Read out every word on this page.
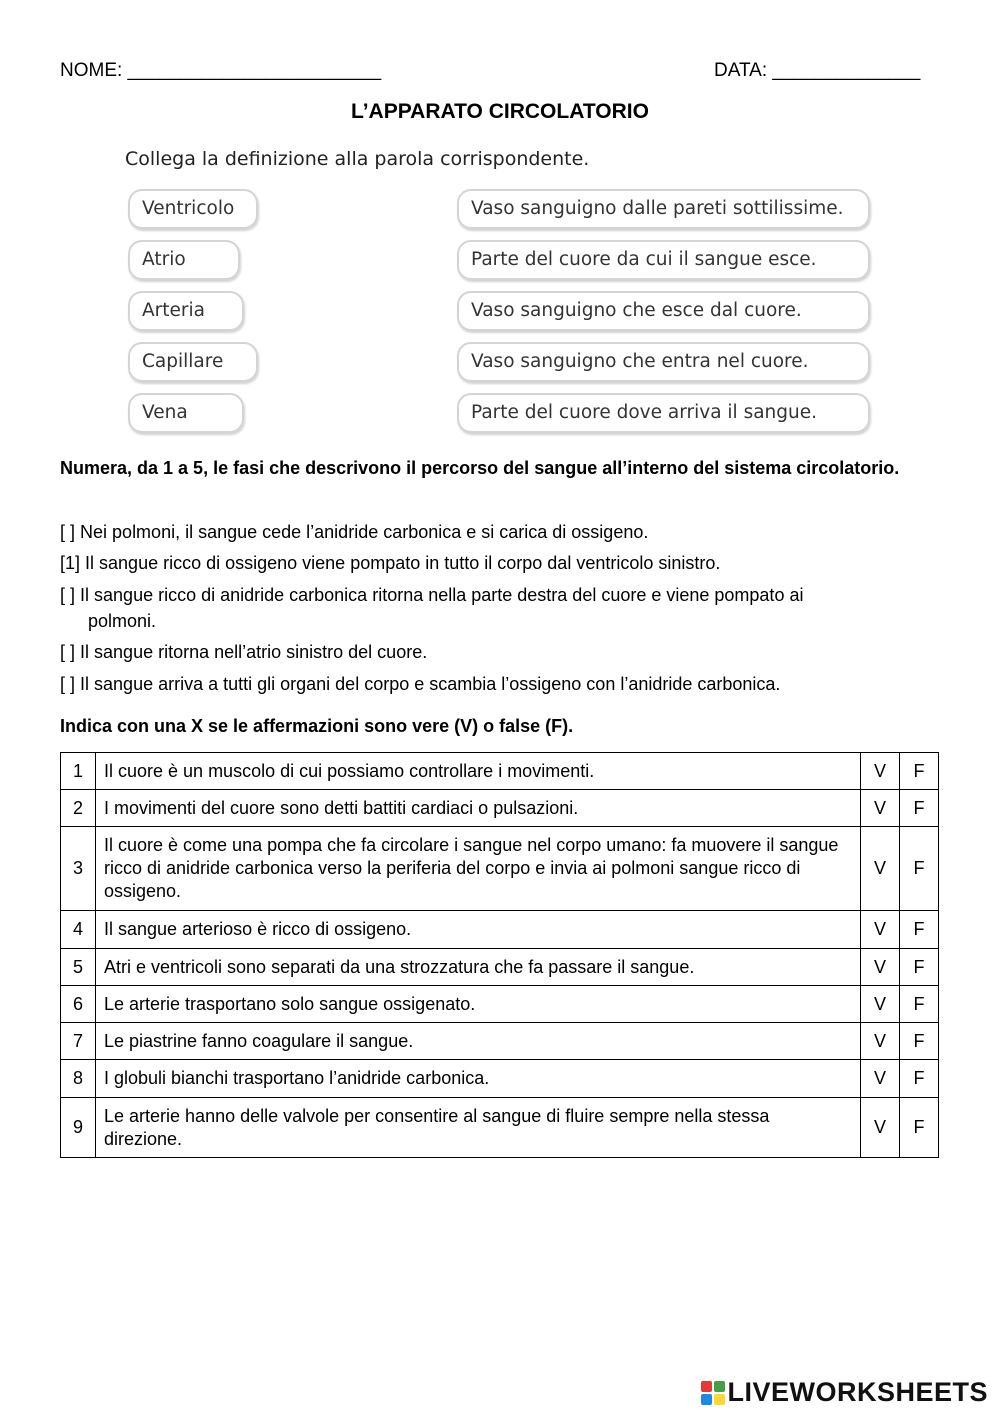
NOME: ________________________	DATA: ______________
L’APPARATO CIRCOLATORIO
Collega la definizione alla parola corrispondente.
Ventricolo
Atrio
Arteria
Capillare
Vena
Vaso sanguigno dalle pareti sottilissime.
Parte del cuore da cui il sangue esce.
Vaso sanguigno che esce dal cuore.
Vaso sanguigno che entra nel cuore.
Parte del cuore dove arriva il sangue.
Numera, da 1 a 5, le fasi che descrivono il percorso del sangue all’interno del sistema circolatorio.
[ ] Nei polmoni, il sangue cede l’anidride carbonica e si carica di ossigeno.
[1] Il sangue ricco di ossigeno viene pompato in tutto il corpo dal ventricolo sinistro.
[ ] Il sangue ricco di anidride carbonica ritorna nella parte destra del cuore e viene pompato ai
polmoni.
[ ] Il sangue ritorna nell’atrio sinistro del cuore.
[ ] Il sangue arriva a tutti gli organi del corpo e scambia l’ossigeno con l’anidride carbonica.
Indica con una X se le affermazioni sono vere (V) o false (F).
1	Il cuore è un muscolo di cui possiamo controllare i movimenti.	V	F
2	I movimenti del cuore sono detti battiti cardiaci o pulsazioni.	V	F
3	Il cuore è come una pompa che fa circolare i sangue nel corpo umano: fa muovere il sangue ricco di anidride carbonica verso la periferia del corpo e invia ai polmoni sangue ricco di ossigeno.	V	F
4	Il sangue arterioso è ricco di ossigeno.	V	F
5	Atri e ventricoli sono separati da una strozzatura che fa passare il sangue.	V	F
6	Le arterie trasportano solo sangue ossigenato.	V	F
7	Le piastrine fanno coagulare il sangue.	V	F
8	I globuli bianchi trasportano l’anidride carbonica.	V	F
9	Le arterie hanno delle valvole per consentire al sangue di fluire sempre nella stessa direzione.	V	F
LIVEWORKSHEETS
